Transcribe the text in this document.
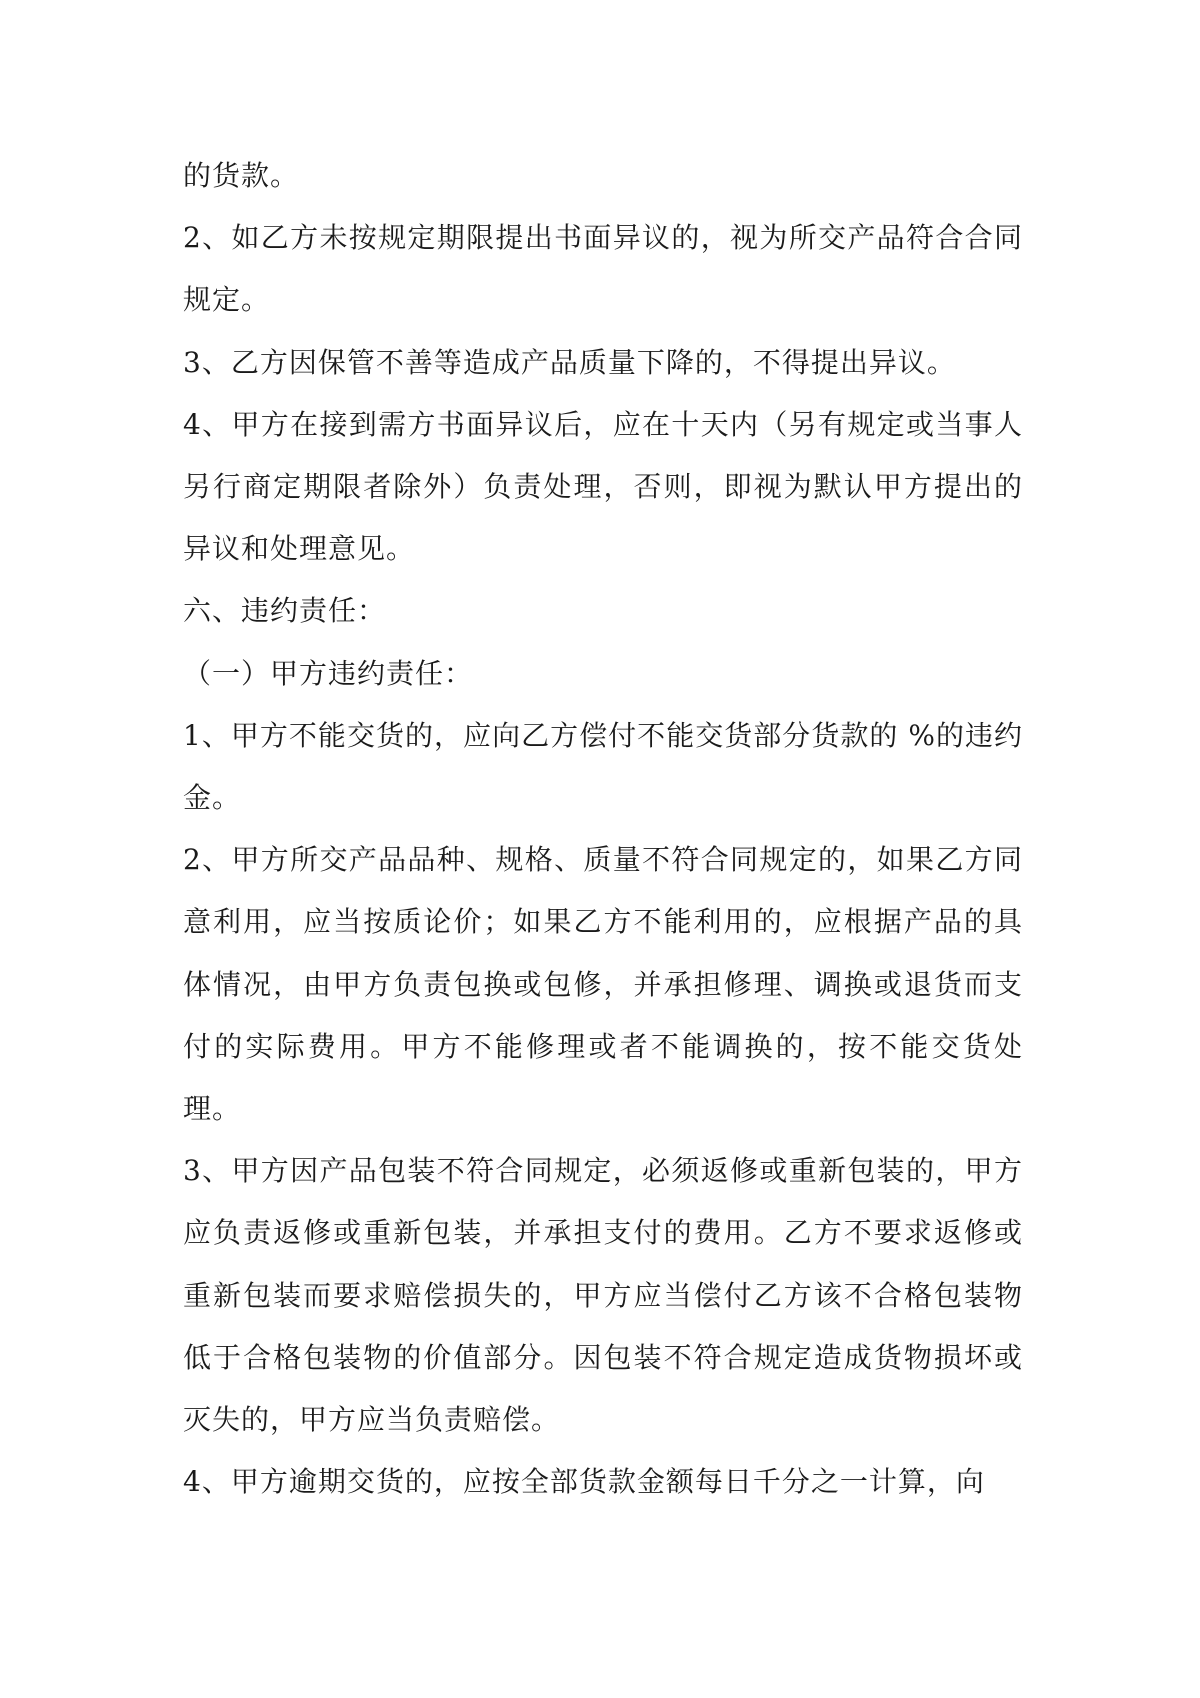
的货款。

2、如乙方未按规定期限提出书面异议的，视为所交产品符合合同规定。

3、乙方因保管不善等造成产品质量下降的，不得提出异议。

4、甲方在接到需方书面异议后，应在十天内（另有规定或当事人另行商定期限者除外）负责处理，否则，即视为默认甲方提出的异议和处理意见。

六、违约责任：

（一）甲方违约责任：

1、甲方不能交货的，应向乙方偿付不能交货部分货款的 %的违约金。

2、甲方所交产品品种、规格、质量不符合同规定的，如果乙方同意利用，应当按质论价；如果乙方不能利用的，应根据产品的具体情况，由甲方负责包换或包修，并承担修理、调换或退货而支付的实际费用。甲方不能修理或者不能调换的，按不能交货处理。

3、甲方因产品包装不符合同规定，必须返修或重新包装的，甲方应负责返修或重新包装，并承担支付的费用。乙方不要求返修或重新包装而要求赔偿损失的，甲方应当偿付乙方该不合格包装物低于合格包装物的价值部分。因包装不符合规定造成货物损坏或灭失的，甲方应当负责赔偿。

4、甲方逾期交货的，应按全部货款金额每日千分之一计算，向
